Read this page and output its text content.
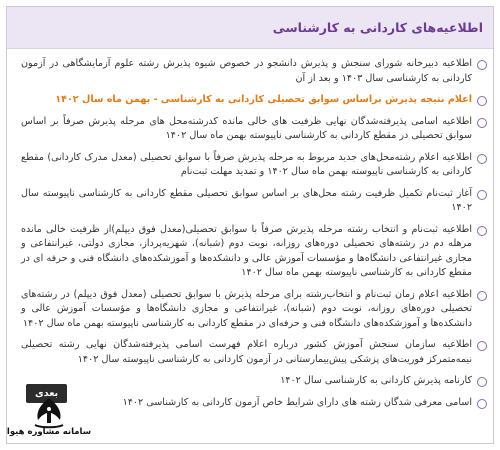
اطلاعیه‌های کاردانی به کارشناسی
اطلاعیه دبیرخانه شورای سنجش و پذیرش دانشجو در خصوص شیوه پذیرش رشته علوم آزمایشگاهی در آزمون کاردانی به کارشناسی سال ۱۴۰۳ و بعد از آن
اعلام نتیجه پذیرش براساس سوابق تحصیلی کاردانی به کارشناسی - بهمن ماه سال ۱۴۰۲
اطلاعیه اسامی پذیرفته‌شدگان نهایی ظرفیت های خالی مانده کدرشته‌محل های مرحله پذیرش صرفاً بر اساس سوابق تحصیلی در مقطع کاردانی به کارشناسی ناپیوسته بهمن ماه سال ۱۴۰۲
اطلاعیه اعلام رشته‌محل‌های جدید مربوط به مرحله پذیرش صرفاً با سوابق تحصیلی (معدل مدرک کاردانی) مقطع کاردانی به کارشناسی ناپیوسته بهمن ماه سال ۱۴۰۲ و تمدید مهلت ثبت‌نام
آغاز ثبت‌نام تکمیل ظرفیت رشته محل‌های بر اساس سوابق تحصیلی مقطع کاردانی به کارشناسی ناپیوسته سال ۱۴۰۲
اطلاعیه ثبت‌نام و انتخاب رشته مرحله پذیرش صرفاً با سوابق تحصیلی(معدل فوق دیپلم)از ظرفیت خالی مانده مرهله دم در رشته‌های تحصیلی دوره‌های روزانه، نوبت دوم (شبانه)، شهریه‌پرداز، مجازی دولتی، غیرانتفاعی و مجازی غیرانتفاعی دانشگاه‌ها و مؤسسات آموزش عالی و دانشکده‌ها و آموزشکده‌های دانشگاه فنی و حرفه ای در مقطع کاردانی به کارشناسی ناپیوسته بهمن ماه سال ۱۴۰۲
اطلاعیه اعلام زمان ثبت‌نام و انتخاب‌رشته برای مرحله پذیرش با سوابق تحصیلی (معدل فوق دیپلم) در رشته‌های تحصیلی دوره‌های روزانه، نوبت دوم (شبانه)، غیرانتفاعی و مجازی دانشگاه‌ها و مؤسسات آموزش عالی و دانشکده‌ها و آموزشکده‌های دانشگاه فنی و حرفه‌ای در مقطع کاردانی به کارشناسی ناپیوسته بهمن ماه سال ۱۴۰۲
اطلاعیه سازمان سنجش آموزش کشور درباره اعلام فهرست اسامی پذیرفته‌شدگان نهایی رشته تحصیلی نیمه‌متمرکز فوریت‌های پزشکی پیش‌بیمارستانی در آزمون کاردانی به کارشناسی ناپیوسته سال ۱۴۰۲
کارنامه پذیرش کاردانی به کارشناسی سال ۱۴۰۲
اسامی معرفی شدگان رشته های دارای شرایط خاص آزمون کاردانی به کارشناسی ۱۴۰۲
بعدی
سامانه مشاوره هیوا
